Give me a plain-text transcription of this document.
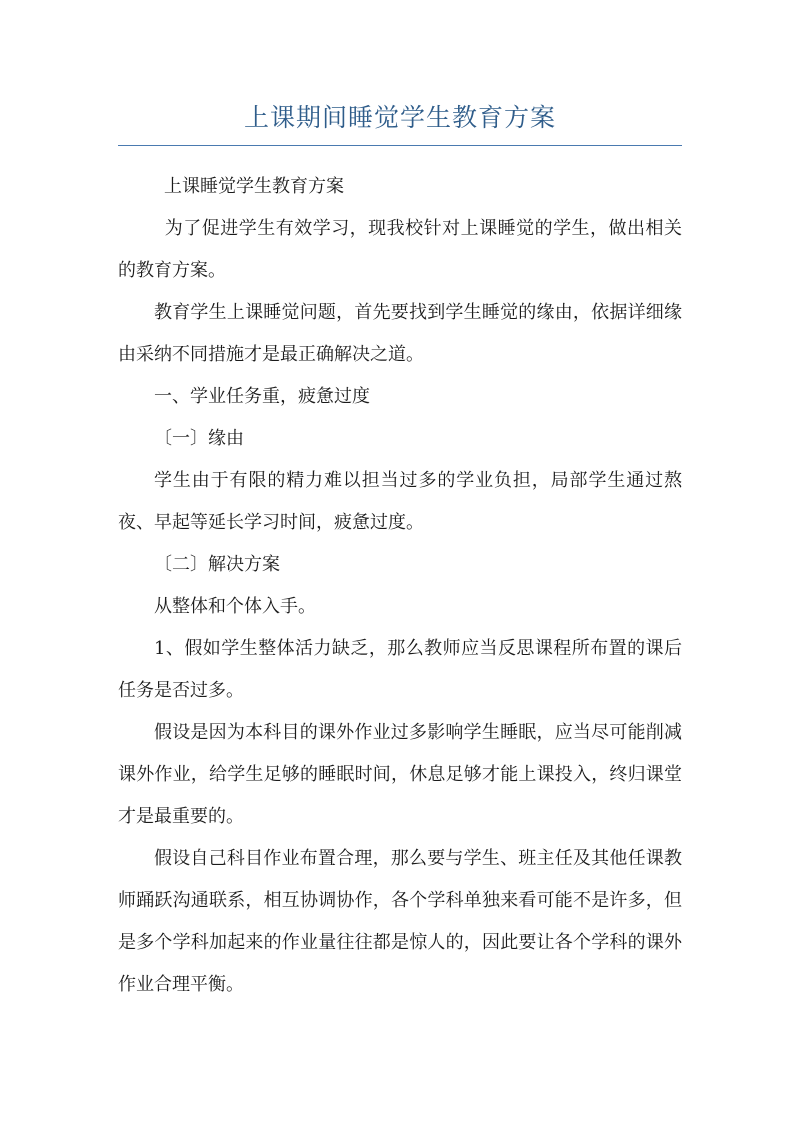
上课期间睡觉学生教育方案

上课睡觉学生教育方案

为了促进学生有效学习，现我校针对上课睡觉的学生，做出相关的教育方案。

教育学生上课睡觉问题，首先要找到学生睡觉的缘由，依据详细缘由采纳不同措施才是最正确解决之道。

一、学业任务重，疲惫过度

〔一〕缘由

学生由于有限的精力难以担当过多的学业负担，局部学生通过熬夜、早起等延长学习时间，疲惫过度。

〔二〕解决方案

从整体和个体入手。

1、假如学生整体活力缺乏，那么教师应当反思课程所布置的课后任务是否过多。

假设是因为本科目的课外作业过多影响学生睡眠，应当尽可能削减课外作业，给学生足够的睡眠时间，休息足够才能上课投入，终归课堂才是最重要的。

假设自己科目作业布置合理，那么要与学生、班主任及其他任课教师踊跃沟通联系，相互协调协作，各个学科单独来看可能不是许多，但是多个学科加起来的作业量往往都是惊人的，因此要让各个学科的课外作业合理平衡。
